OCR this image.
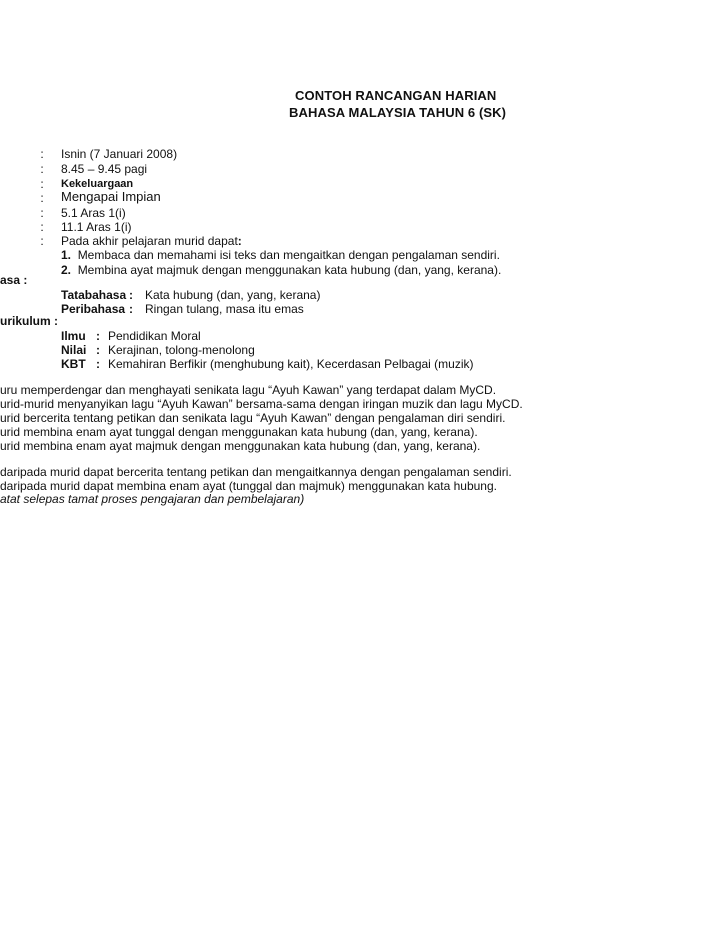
CONTOH RANCANGAN HARIAN
BAHASA MALAYSIA TAHUN 6 (SK)
:
:
:
:
:
:
:
Isnin (7 Januari 2008)
8.45 – 9.45 pagi
Kekeluargaan
Mengapai Impian
5.1 Aras 1(i)
11.1 Aras 1(i)
Pada akhir pelajaran murid dapat:
1. Membaca dan memahami isi teks dan mengaitkan dengan pengalaman sendiri.
2. Membina ayat majmuk dengan menggunakan kata hubung (dan, yang, kerana).
asa :
Tatabahasa : Kata hubung (dan, yang, kerana)
Peribahasa : Ringan tulang, masa itu emas
urikulum :
Ilmu : Pendidikan Moral
Nilai : Kerajinan, tolong-menolong
KBT : Kemahiran Berfikir (menghubung kait), Kecerdasan Pelbagai (muzik)
uru memperdengar dan menghayati senikata lagu “Ayuh Kawan” yang terdapat dalam MyCD.
urid-murid menyanyikan lagu “Ayuh Kawan” bersama-sama dengan iringan muzik dan lagu MyCD.
urid bercerita tentang petikan dan senikata lagu “Ayuh Kawan” dengan pengalaman diri sendiri.
urid membina enam ayat tunggal dengan menggunakan kata hubung (dan, yang, kerana).
urid membina enam ayat majmuk dengan menggunakan kata hubung (dan, yang, kerana).
daripada murid dapat bercerita tentang petikan dan mengaitkannya dengan pengalaman sendiri.
daripada murid dapat membina enam ayat (tunggal dan majmuk) menggunakan kata hubung.
atat selepas tamat proses pengajaran dan pembelajaran)
